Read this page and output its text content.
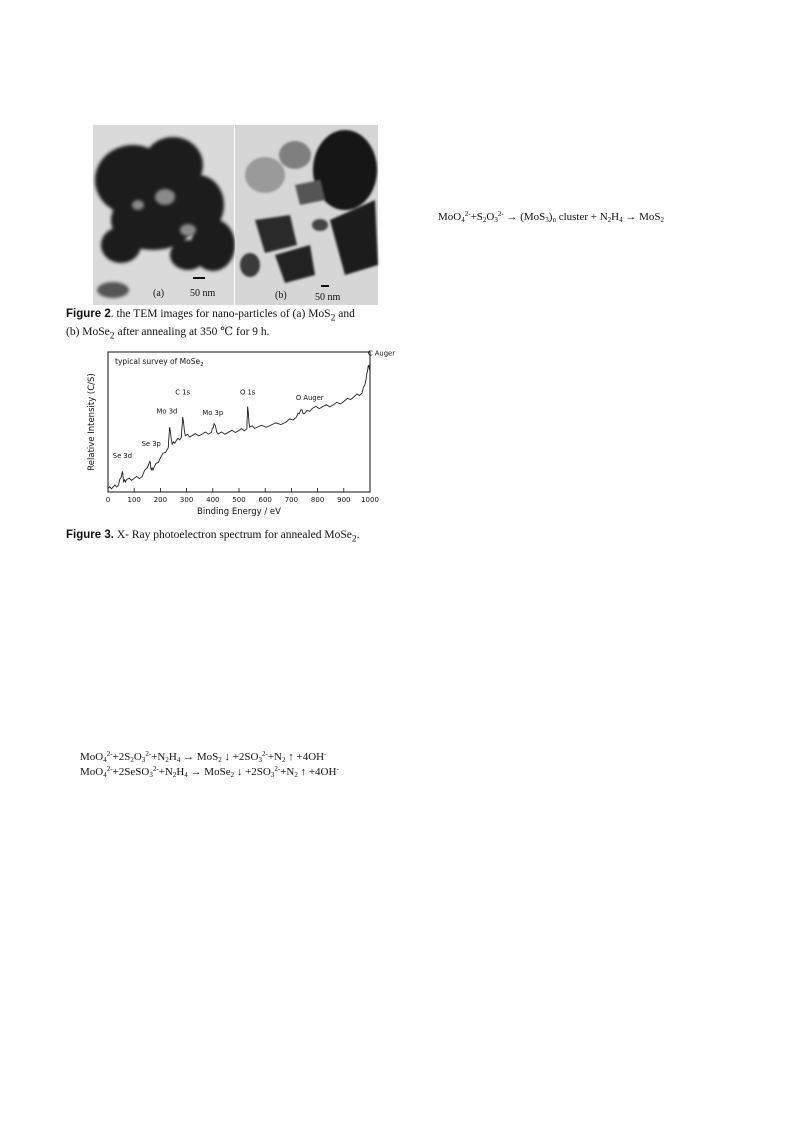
(a)	50 nm	(b)	50 nm
Figure 2. the TEM images for nano-particles of (a) MoS$_2$ and
(b) MoSe$_2$ after annealing at 350 ℃ for 9 h.
$MoO_4^{2-}+S_2O_3^{2-} \to (MoS_3)_n$ cluster + $N_2H_4 \to MoS_2$
0 100 200 300 400 500 600 700 800 900 1000
Se 3d
Se 3p
Mo 3d
C 1s
Mo 3p
O 1s
O Auger
C Auger
typical survey of MoSe$_2$
Binding Energy / eV
Relative Intensity (C/S)
Figure 3. X- Ray photoelectron spectrum for annealed MoSe$_2$.
$MoO_4^{2-}+2S_2O_3^{2-}+N_2H_4 \to MoS_2$ ↓ $+2SO_3^{2-}+N_2$ ↑ +4OH-
$MoO_4^{2-}+2SeSO_3^{2-}+N_2H_4$ → MoSe$_2$ ↓ $+2SO_3^{2-}+N_2$ ↑ +4OH-
